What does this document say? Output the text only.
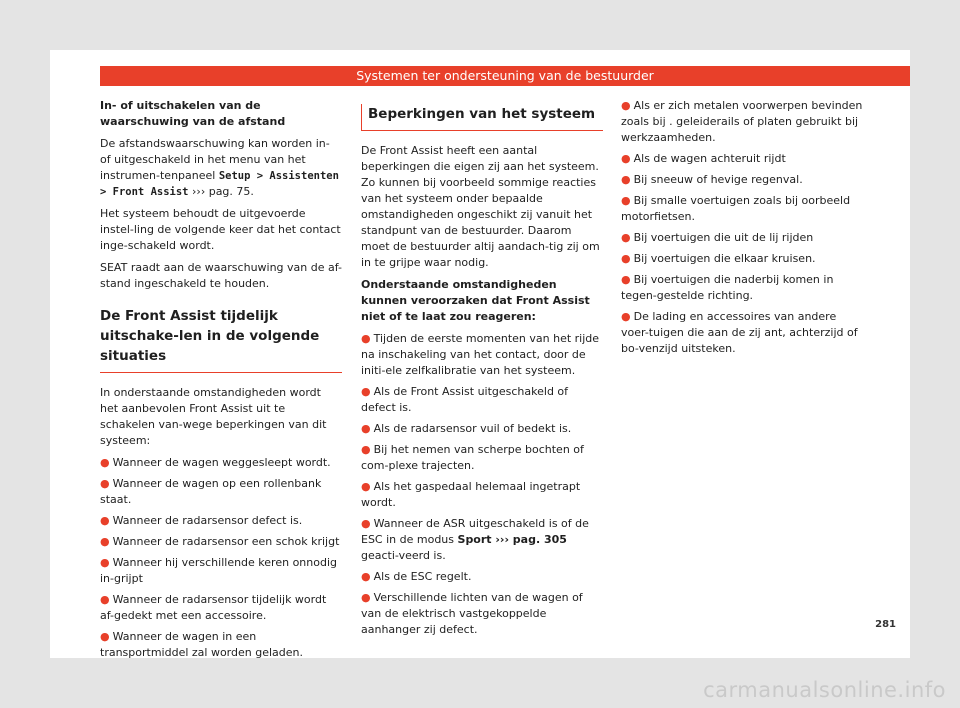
Systemen ter ondersteuning van de bestuurder

In- of uitschakelen van de waarschuwing van de afstand

De afstandswaarschuwing kan worden in- of uitgeschakeld in het menu van het instrumen-tenpaneel Setup > Assistenten > Front Assist ››› pag. 75.

Het systeem behoudt de uitgevoerde instel-ling de volgende keer dat het contact inge-schakeld wordt.

SEAT raadt aan de waarschuwing van de af-stand ingeschakeld te houden.

De Front Assist tijdelijk uitschake-len in de volgende situaties

In onderstaande omstandigheden wordt het aanbevolen Front Assist uit te schakelen van-wege beperkingen van dit systeem:

● Wanneer de wagen weggesleept wordt.
● Wanneer de wagen op een rollenbank staat.
● Wanneer de radarsensor defect is.
● Wanneer de radarsensor een schok krijgt
● Wanneer hij verschillende keren onnodig in-grijpt
● Wanneer de radarsensor tijdelijk wordt af-gedekt met een accessoire.
● Wanneer de wagen in een transportmiddel zal worden geladen.
Beperkingen van het systeem

De Front Assist heeft een aantal beperkingen die eigen zij aan het systeem. Zo kunnen bij voorbeeld sommige reacties van het systeem onder bepaalde omstandigheden ongeschikt zij vanuit het standpunt van de bestuurder. Daarom moet de bestuurder altij aandach-tig zij om in te grijpe waar nodig.

Onderstaande omstandigheden kunnen veroorzaken dat Front Assist niet of te laat zou reageren:

● Tijden de eerste momenten van het rijde na inschakeling van het contact, door de initi-ele zelfkalibratie van het systeem.
● Als de Front Assist uitgeschakeld of defect is.
● Als de radarsensor vuil of bedekt is.
● Bij het nemen van scherpe bochten of com-plexe trajecten.
● Als het gaspedaal helemaal ingetrapt wordt.
● Wanneer de ASR uitgeschakeld is of de ESC in de modus Sport ››› pag. 305 geacti-veerd is.
● Als de ESC regelt.
● Verschillende lichten van de wagen of van de elektrisch vastgekoppelde aanhanger zij defect.
● Als er zich metalen voorwerpen bevinden zoals bij . geleiderails of platen gebruikt bij werkzaamheden.
● Als de wagen achteruit rijdt
● Bij sneeuw of hevige regenval.
● Bij smalle voertuigen zoals bij oorbeeld motorfietsen.
● Bij voertuigen die uit de lij rijden
● Bij voertuigen die elkaar kruisen.
● Bij voertuigen die naderbij komen in tegen-gestelde richting.
● De lading en accessoires van andere voer-tuigen die aan de zij ant, achterzijd of bo-venzijd uitsteken.
281
carmanualsonline.info
